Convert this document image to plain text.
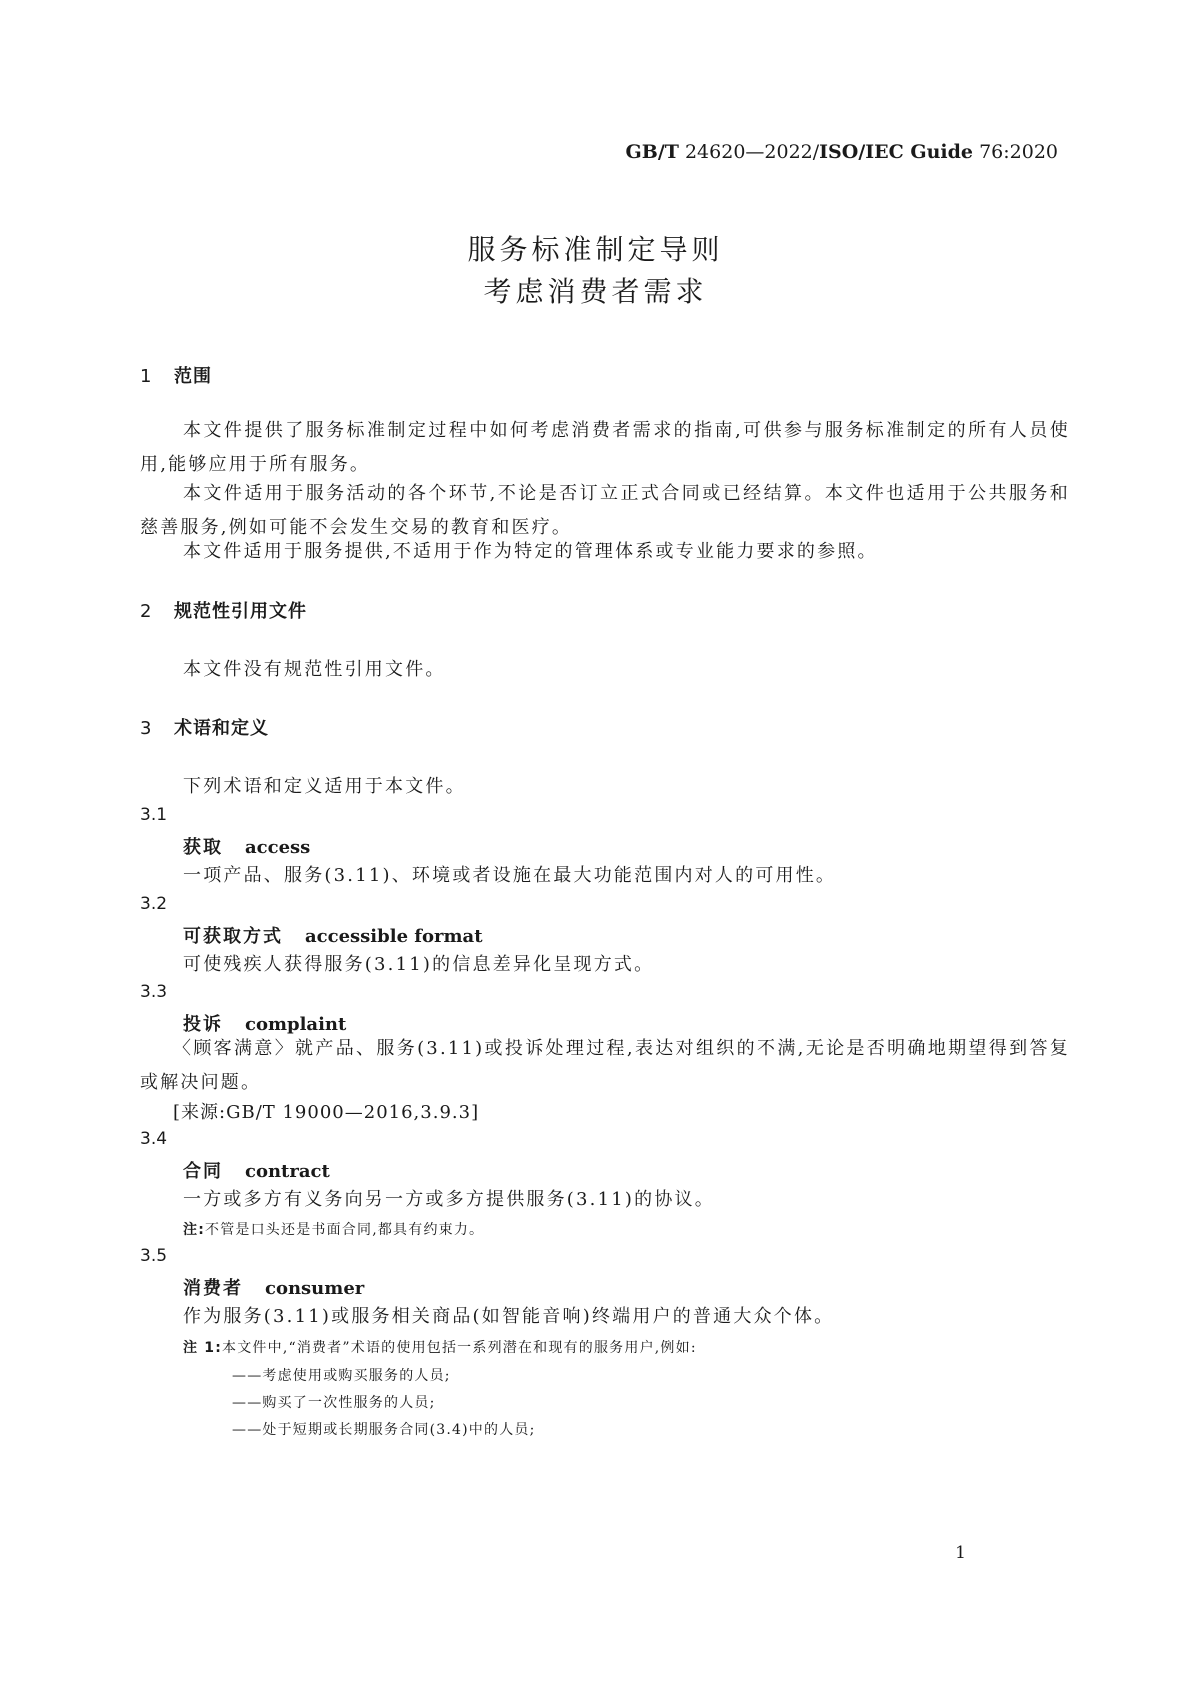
GB/T 24620—2022/ISO/IEC Guide 76:2020
服务标准制定导则
考虑消费者需求
1 范围
本文件提供了服务标准制定过程中如何考虑消费者需求的指南,可供参与服务标准制定的所有人员使用,能够应用于所有服务。
本文件适用于服务活动的各个环节,不论是否订立正式合同或已经结算。本文件也适用于公共服务和慈善服务,例如可能不会发生交易的教育和医疗。
本文件适用于服务提供,不适用于作为特定的管理体系或专业能力要求的参照。
2 规范性引用文件
本文件没有规范性引用文件。
3 术语和定义
下列术语和定义适用于本文件。
3.1
获取 access
一项产品、服务(3.11)、环境或者设施在最大功能范围内对人的可用性。
3.2
可获取方式 accessible format
可使残疾人获得服务(3.11)的信息差异化呈现方式。
3.3
投诉 complaint
〈顾客满意〉就产品、服务(3.11)或投诉处理过程,表达对组织的不满,无论是否明确地期望得到答复或解决问题。
[来源:GB/T 19000—2016,3.9.3]
3.4
合同 contract
一方或多方有义务向另一方或多方提供服务(3.11)的协议。
注:不管是口头还是书面合同,都具有约束力。
3.5
消费者 consumer
作为服务(3.11)或服务相关商品(如智能音响)终端用户的普通大众个体。
注 1:本文件中,“消费者”术语的使用包括一系列潜在和现有的服务用户,例如:
——考虑使用或购买服务的人员;
——购买了一次性服务的人员;
——处于短期或长期服务合同(3.4)中的人员;
1
